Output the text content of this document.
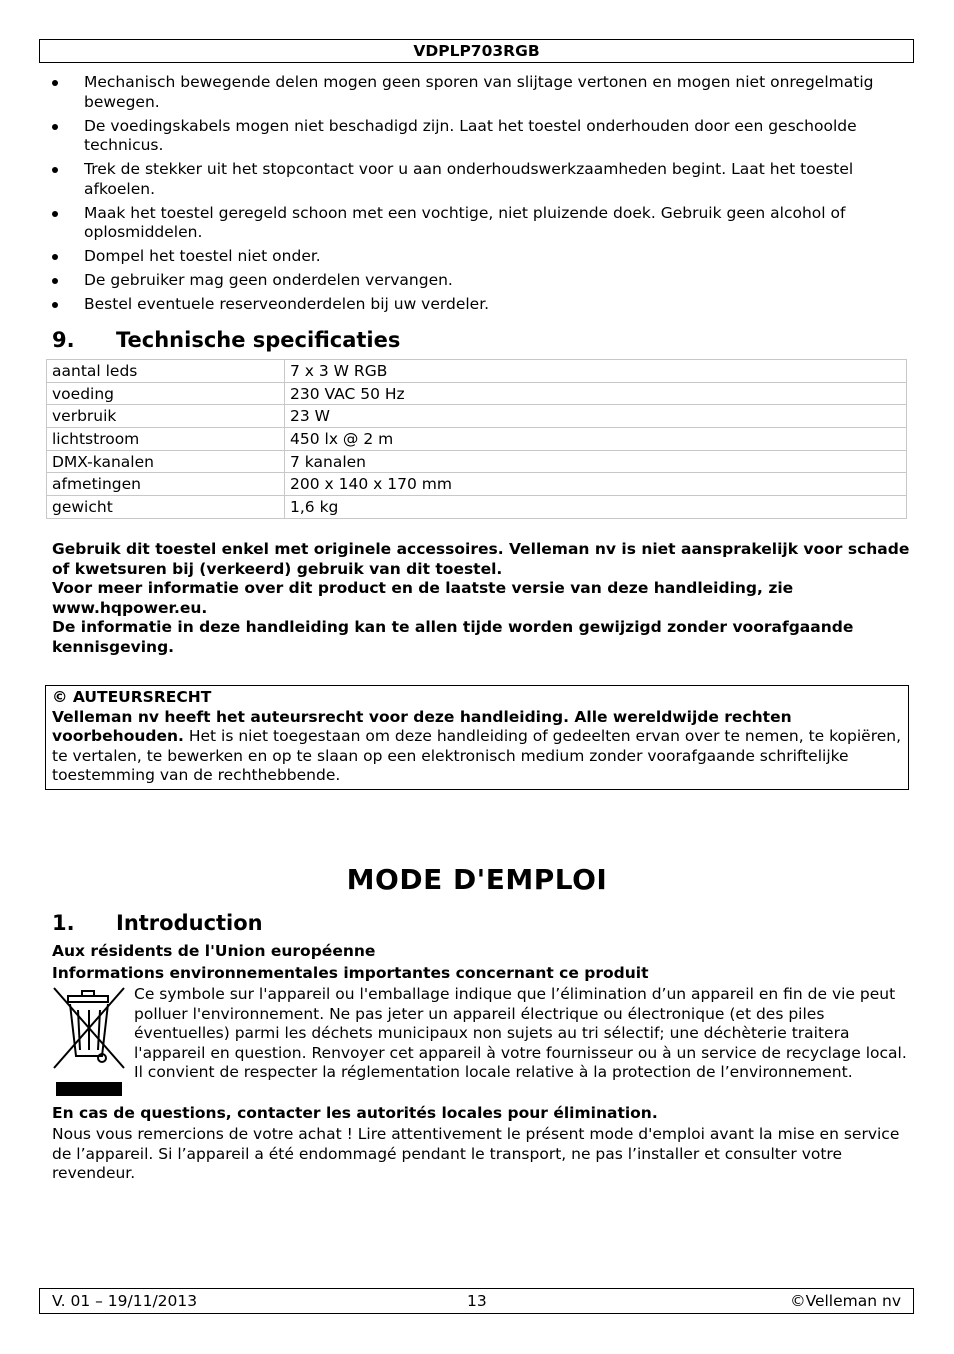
VDPLP703RGB
Mechanisch bewegende delen mogen geen sporen van slijtage vertonen en mogen niet onregelmatig bewegen.
De voedingskabels mogen niet beschadigd zijn. Laat het toestel onderhouden door een geschoolde technicus.
Trek de stekker uit het stopcontact voor u aan onderhoudswerkzaamheden begint. Laat het toestel afkoelen.
Maak het toestel geregeld schoon met een vochtige, niet pluizende doek. Gebruik geen alcohol of oplosmiddelen.
Dompel het toestel niet onder.
De gebruiker mag geen onderdelen vervangen.
Bestel eventuele reserveonderdelen bij uw verdeler.
9. Technische specificaties
aantal leds	7 x 3 W RGB
voeding	230 VAC 50 Hz
verbruik	23 W
lichtstroom	450 lx @ 2 m
DMX-kanalen	7 kanalen
afmetingen	200 x 140 x 170 mm
gewicht	1,6 kg
Gebruik dit toestel enkel met originele accessoires. Velleman nv is niet aansprakelijk voor schade of kwetsuren bij (verkeerd) gebruik van dit toestel.
Voor meer informatie over dit product en de laatste versie van deze handleiding, zie www.hqpower.eu.
De informatie in deze handleiding kan te allen tijde worden gewijzigd zonder voorafgaande kennisgeving.
© AUTEURSRECHT
Velleman nv heeft het auteursrecht voor deze handleiding. Alle wereldwijde rechten voorbehouden. Het is niet toegestaan om deze handleiding of gedeelten ervan over te nemen, te kopiëren, te vertalen, te bewerken en op te slaan op een elektronisch medium zonder voorafgaande schriftelijke toestemming van de rechthebbende.
MODE D'EMPLOI
1. Introduction
Aux résidents de l'Union européenne
Informations environnementales importantes concernant ce produit
Ce symbole sur l'appareil ou l'emballage indique que l’élimination d’un appareil en fin de vie peut polluer l'environnement. Ne pas jeter un appareil électrique ou électronique (et des piles éventuelles) parmi les déchets municipaux non sujets au tri sélectif; une déchèterie traitera l'appareil en question. Renvoyer cet appareil à votre fournisseur ou à un service de recyclage local. Il convient de respecter la réglementation locale relative à la protection de l’environnement.
En cas de questions, contacter les autorités locales pour élimination.
Nous vous remercions de votre achat ! Lire attentivement le présent mode d'emploi avant la mise en service de l’appareil. Si l’appareil a été endommagé pendant le transport, ne pas l’installer et consulter votre revendeur.
V. 01 – 19/11/2013	13	©Velleman nv
